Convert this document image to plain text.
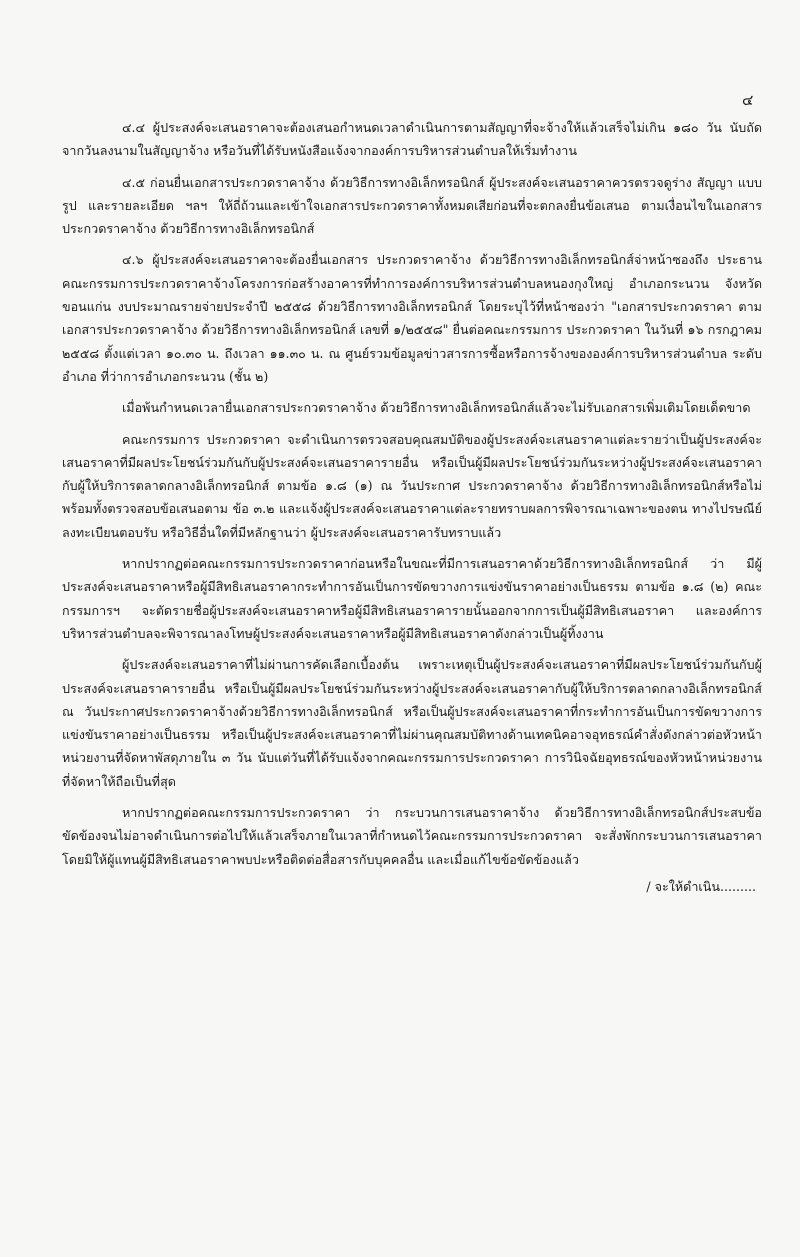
๔

๔.๔ ผู้ประสงค์จะเสนอราคาจะต้องเสนอกำหนดเวลาดำเนินการตามสัญญาที่จะจ้างให้แล้วเสร็จไม่เกิน ๑๘๐ วัน นับถัดจากวันลงนามในสัญญาจ้าง หรือวันที่ได้รับหนังสือแจ้งจากองค์การบริหารส่วนตำบลให้เริ่มทำงาน

๔.๕ ก่อนยื่นเอกสารประกวดราคาจ้าง ด้วยวิธีการทางอิเล็กทรอนิกส์ ผู้ประสงค์จะเสนอราคาควรตรวจดูร่าง สัญญา แบบรูป และรายละเอียด ฯลฯ ให้ถี่ถ้วนและเข้าใจเอกสารประกวดราคาทั้งหมดเสียก่อนที่จะตกลงยื่นข้อเสนอ ตามเงื่อนไขในเอกสารประกวดราคาจ้าง ด้วยวิธีการทางอิเล็กทรอนิกส์

๔.๖ ผู้ประสงค์จะเสนอราคาจะต้องยื่นเอกสาร ประกวดราคาจ้าง ด้วยวิธีการทางอิเล็กทรอนิกส์จ่าหน้าซองถึง ประธานคณะกรรมการประกวดราคาจ้างโครงการก่อสร้างอาคารที่ทำการองค์การบริหารส่วนตำบลหนองกุงใหญ่ อำเภอกระนวน จังหวัด ขอนแก่น งบประมาณรายจ่ายประจำปี ๒๕๕๘ ด้วยวิธีการทางอิเล็กทรอนิกส์ โดยระบุไว้ที่หน้าซองว่า "เอกสารประกวดราคา ตามเอกสารประกวดราคาจ้าง ด้วยวิธีการทางอิเล็กทรอนิกส์ เลขที่ ๑/๒๕๕๘" ยื่นต่อคณะกรรมการ ประกวดราคา ในวันที่ ๑๖ กรกฎาคม ๒๕๕๘ ตั้งแต่เวลา ๑๐.๓๐ น. ถึงเวลา ๑๑.๓๐ น. ณ ศูนย์รวมข้อมูลข่าวสารการซื้อหรือการจ้างขององค์การบริหารส่วนตำบล ระดับอำเภอ ที่ว่าการอำเภอกระนวน (ชั้น ๒)

เมื่อพ้นกำหนดเวลายื่นเอกสารประกวดราคาจ้าง ด้วยวิธีการทางอิเล็กทรอนิกส์แล้วจะไม่รับเอกสารเพิ่มเติมโดยเด็ดขาด

คณะกรรมการ ประกวดราคา จะดำเนินการตรวจสอบคุณสมบัติของผู้ประสงค์จะเสนอราคาแต่ละรายว่าเป็นผู้ประสงค์จะเสนอราคาที่มีผลประโยชน์ร่วมกันกับผู้ประสงค์จะเสนอราคารายอื่น หรือเป็นผู้มีผลประโยชน์ร่วมกันระหว่างผู้ประสงค์จะเสนอราคากับผู้ให้บริการตลาดกลางอิเล็กทรอนิกส์ ตามข้อ ๑.๘ (๑) ณ วันประกาศ ประกวดราคาจ้าง ด้วยวิธีการทางอิเล็กทรอนิกส์หรือไม่ พร้อมทั้งตรวจสอบข้อเสนอตาม ข้อ ๓.๒ และแจ้งผู้ประสงค์จะเสนอราคาแต่ละรายทราบผลการพิจารณาเฉพาะของตน ทางไปรษณีย์ลงทะเบียนตอบรับ หรือวิธีอื่นใดที่มีหลักฐานว่า ผู้ประสงค์จะเสนอราคารับทราบแล้ว

หากปรากฏต่อคณะกรรมการประกวดราคาก่อนหรือในขณะที่มีการเสนอราคาด้วยวิธีการทางอิเล็กทรอนิกส์ ว่า มีผู้ประสงค์จะเสนอราคาหรือผู้มีสิทธิเสนอราคากระทำการอันเป็นการขัดขวางการแข่งขันราคาอย่างเป็นธรรม ตามข้อ ๑.๘ (๒) คณะกรรมการฯ จะตัดรายชื่อผู้ประสงค์จะเสนอราคาหรือผู้มีสิทธิเสนอราคารายนั้นออกจากการเป็นผู้มีสิทธิเสนอราคา และองค์การบริหารส่วนตำบลจะพิจารณาลงโทษผู้ประสงค์จะเสนอราคาหรือผู้มีสิทธิเสนอราคาดังกล่าวเป็นผู้ทิ้งงาน

ผู้ประสงค์จะเสนอราคาที่ไม่ผ่านการคัดเลือกเบื้องต้น เพราะเหตุเป็นผู้ประสงค์จะเสนอราคาที่มีผลประโยชน์ร่วมกันกับผู้ประสงค์จะเสนอราคารายอื่น หรือเป็นผู้มีผลประโยชน์ร่วมกันระหว่างผู้ประสงค์จะเสนอราคากับผู้ให้บริการตลาดกลางอิเล็กทรอนิกส์ ณ วันประกาศประกวดราคาจ้างด้วยวิธีการทางอิเล็กทรอนิกส์ หรือเป็นผู้ประสงค์จะเสนอราคาที่กระทำการอันเป็นการขัดขวางการแข่งขันราคาอย่างเป็นธรรม หรือเป็นผู้ประสงค์จะเสนอราคาที่ไม่ผ่านคุณสมบัติทางด้านเทคนิคอาจอุทธรณ์คำสั่งดังกล่าวต่อหัวหน้าหน่วยงานที่จัดหาพัสดุภายใน ๓ วัน นับแต่วันที่ได้รับแจ้งจากคณะกรรมการประกวดราคา การวินิจฉัยอุทธรณ์ของหัวหน้าหน่วยงานที่จัดหาให้ถือเป็นที่สุด

หากปรากฏต่อคณะกรรมการประกวดราคา ว่า กระบวนการเสนอราคาจ้าง ด้วยวิธีการทางอิเล็กทรอนิกส์ประสบข้อขัดข้องจนไม่อาจดำเนินการต่อไปให้แล้วเสร็จภายในเวลาที่กำหนดไว้คณะกรรมการประกวดราคา จะสั่งพักกระบวนการเสนอราคา โดยมิให้ผู้แทนผู้มีสิทธิเสนอราคาพบปะหรือติดต่อสื่อสารกับบุคคลอื่น และเมื่อแก้ไขข้อขัดข้องแล้ว

/ จะให้ดำเนิน.........
